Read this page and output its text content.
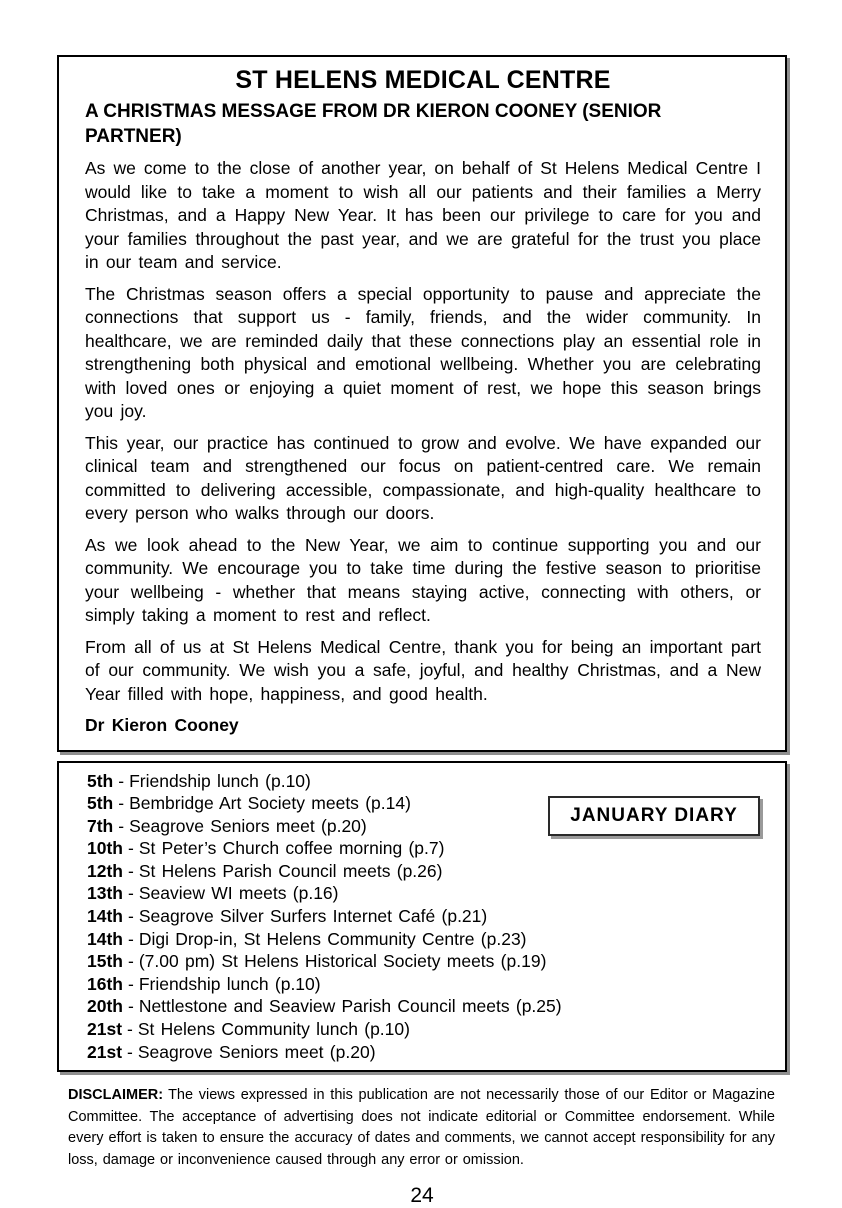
ST HELENS MEDICAL CENTRE
A CHRISTMAS MESSAGE FROM DR KIERON COONEY (SENIOR PARTNER)

As we come to the close of another year, on behalf of St Helens Medical Centre I would like to take a moment to wish all our patients and their families a Merry Christmas, and a Happy New Year. It has been our privilege to care for you and your families throughout the past year, and we are grateful for the trust you place in our team and service.

The Christmas season offers a special opportunity to pause and appreciate the connections that support us - family, friends, and the wider community. In healthcare, we are reminded daily that these connections play an essential role in strengthening both physical and emotional wellbeing. Whether you are celebrating with loved ones or enjoying a quiet moment of rest, we hope this season brings you joy.

This year, our practice has continued to grow and evolve. We have expanded our clinical team and strengthened our focus on patient-centred care. We remain committed to delivering accessible, compassionate, and high-quality healthcare to every person who walks through our doors.

As we look ahead to the New Year, we aim to continue supporting you and our community. We encourage you to take time during the festive season to prioritise your wellbeing - whether that means staying active, connecting with others, or simply taking a moment to rest and reflect.

From all of us at St Helens Medical Centre, thank you for being an important part of our community. We wish you a safe, joyful, and healthy Christmas, and a New Year filled with hope, happiness, and good health.

Dr Kieron Cooney

5th - Friendship lunch (p.10)
5th - Bembridge Art Society meets (p.14)
7th - Seagrove Seniors meet (p.20)
10th - St Peter’s Church coffee morning (p.7)
12th - St Helens Parish Council meets (p.26)
13th - Seaview WI meets (p.16)
14th - Seagrove Silver Surfers Internet Café (p.21)
14th - Digi Drop-in, St Helens Community Centre (p.23)
15th - (7.00 pm) St Helens Historical Society meets (p.19)
16th - Friendship lunch (p.10)
20th - Nettlestone and Seaview Parish Council meets (p.25)
21st - St Helens Community lunch (p.10)
21st - Seagrove Seniors meet (p.20)
JANUARY DIARY

DISCLAIMER: The views expressed in this publication are not necessarily those of our Editor or Magazine Committee. The acceptance of advertising does not indicate editorial or Committee endorsement. While every effort is taken to ensure the accuracy of dates and comments, we cannot accept responsibility for any loss, damage or inconvenience caused through any error or omission.

24
